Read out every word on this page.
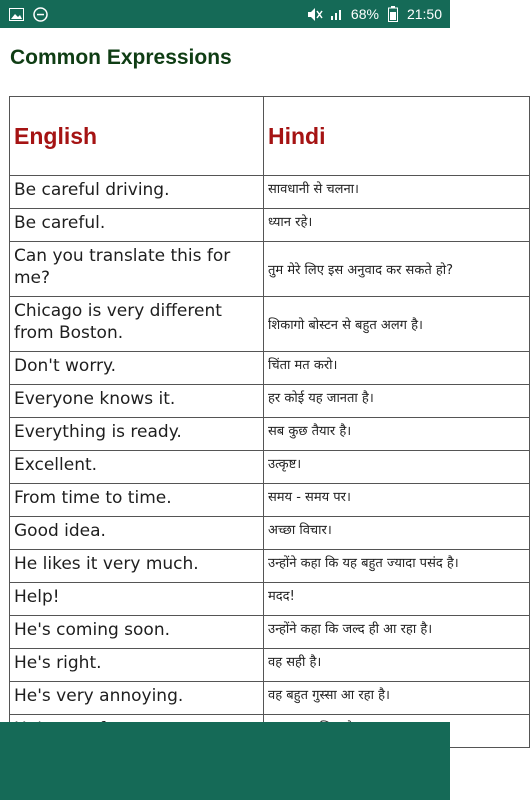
68% 21:50
Common Expressions
English	Hindi
Be careful driving.	सावधानी से चलना।
Be careful.	ध्यान रहे।
Can you translate this for me?	तुम मेरे लिए इस अनुवाद कर सकते हो?
Chicago is very different from Boston.	शिकागो बोस्टन से बहुत अलग है।
Don't worry.	चिंता मत करो।
Everyone knows it.	हर कोई यह जानता है।
Everything is ready.	सब कुछ तैयार है।
Excellent.	उत्कृष्ट।
From time to time.	समय - समय पर।
Good idea.	अच्छा विचार।
He likes it very much.	उन्होंने कहा कि यह बहुत ज्यादा पसंद है।
Help!	मदद!
He's coming soon.	उन्होंने कहा कि जल्द ही आ रहा है।
He's right.	वह सही है।
He's very annoying.	वह बहुत गुस्सा आ रहा है।
